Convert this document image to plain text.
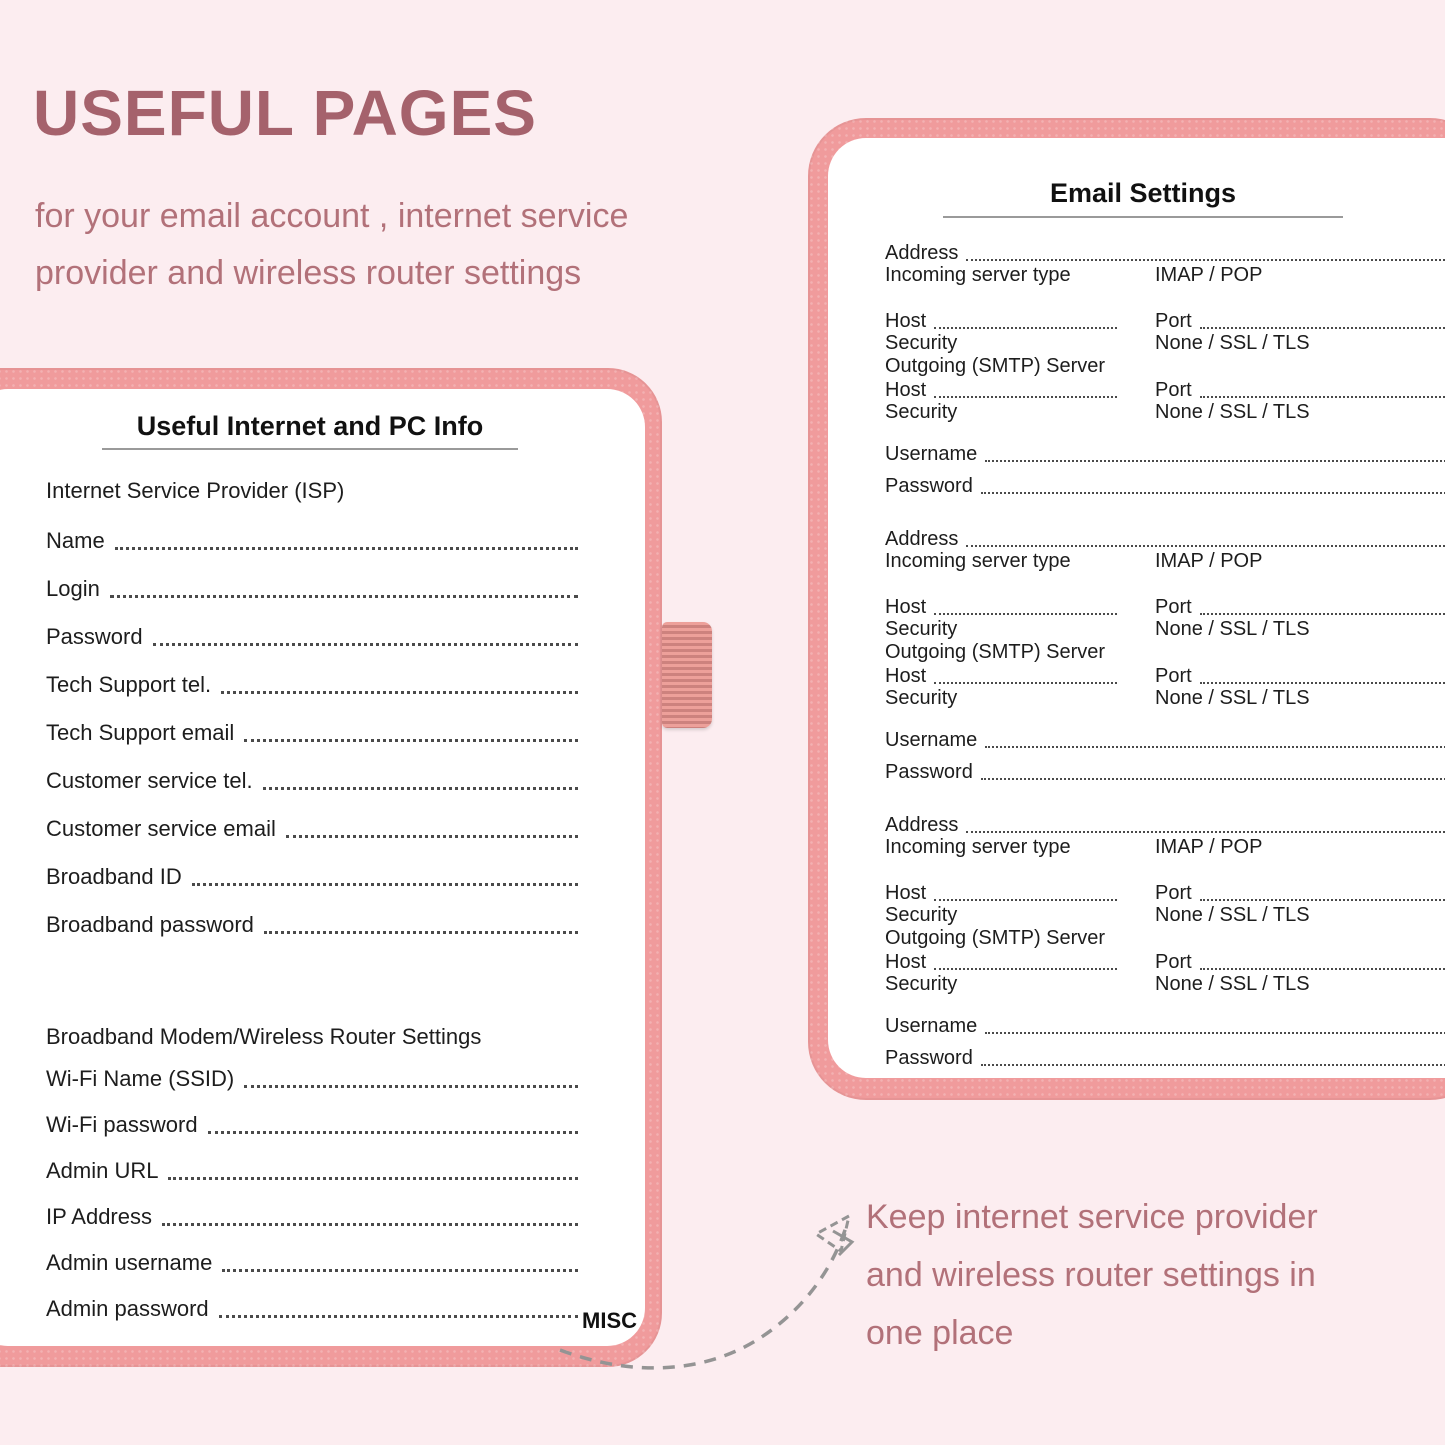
USEFUL PAGES
for your email account , internet service
provider and wireless router settings
Useful Internet and PC Info
Internet Service Provider (ISP)
Name
Login
Password
Tech Support tel.
Tech Support email
Customer service tel.
Customer service email
Broadband ID
Broadband password
Broadband Modem/Wireless Router Settings
Wi-Fi Name (SSID)
Wi-Fi password
Admin URL
IP Address
Admin username
Admin password	MISC
Email Settings
Address
Incoming server type	IMAP / POP
Host	Port
Security	None / SSL / TLS
Outgoing (SMTP) Server
Host	Port
Security	None / SSL / TLS
Username
Password
Address
Incoming server type	IMAP / POP
Host	Port
Security	None / SSL / TLS
Outgoing (SMTP) Server
Host	Port
Security	None / SSL / TLS
Username
Password
Address
Incoming server type	IMAP / POP
Host	Port
Security	None / SSL / TLS
Outgoing (SMTP) Server
Host	Port
Security	None / SSL / TLS
Username
Password
Keep internet service provider
and wireless router settings in
one place
